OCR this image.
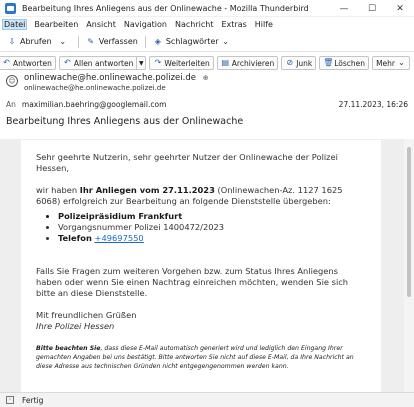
Bearbeitung Ihres Anliegens aus der Onlinewache - Mozilla Thunderbird	—	☐	✕
Datei Bearbeiten Ansicht Navigation Nachricht Extras Hilfe
⇩ Abrufen ⌄	✎ Verfassen ◈ Schlagwörter ⌄
↶ Antworten ↶ Allen antworten ▼ ↷ Weiterleiten ▤ Archivieren ⊘ Junk 🗑 Löschen Mehr ⌄
☺ onlinewache@he.onlinewache.polizei.de ⊕
onlinewache@he.onlinewache.polizei.de
An maximilian.baehring@googlemail.com	27.11.2023, 16:26
Bearbeitung Ihres Anliegens aus der Onlinewache
Sehr geehrte Nutzerin, sehr geehrter Nutzer der Onlinewache der Polizei Hessen,
wir haben Ihr Anliegen vom 27.11.2023 (Onlinewachen-Az. 1127 1625 6068) erfolgreich zur Bearbeitung an folgende Dienststelle übergeben:
• Polizeipräsidium Frankfurt
• Vorgangsnummer Polizei 1400472/2023
• Telefon +49697550
Falls Sie Fragen zum weiteren Vorgehen bzw. zum Status Ihres Anliegens haben oder wenn Sie einen Nachtrag einreichen möchten, wenden Sie sich bitte an diese Dienststelle.
Mit freundlichen Grüßen
Ihre Polizei Hessen
Bitte beachten Sie, dass diese E-Mail automatisch generiert wird und lediglich den Eingang Ihrer gemachten Angaben bei uns bestätigt. Bitte antworten Sie nicht auf diese E-Mail, da Ihre Nachricht an diese Adresse aus technischen Gründen nicht entgegengenommen werden kann.
◦ Fertig
